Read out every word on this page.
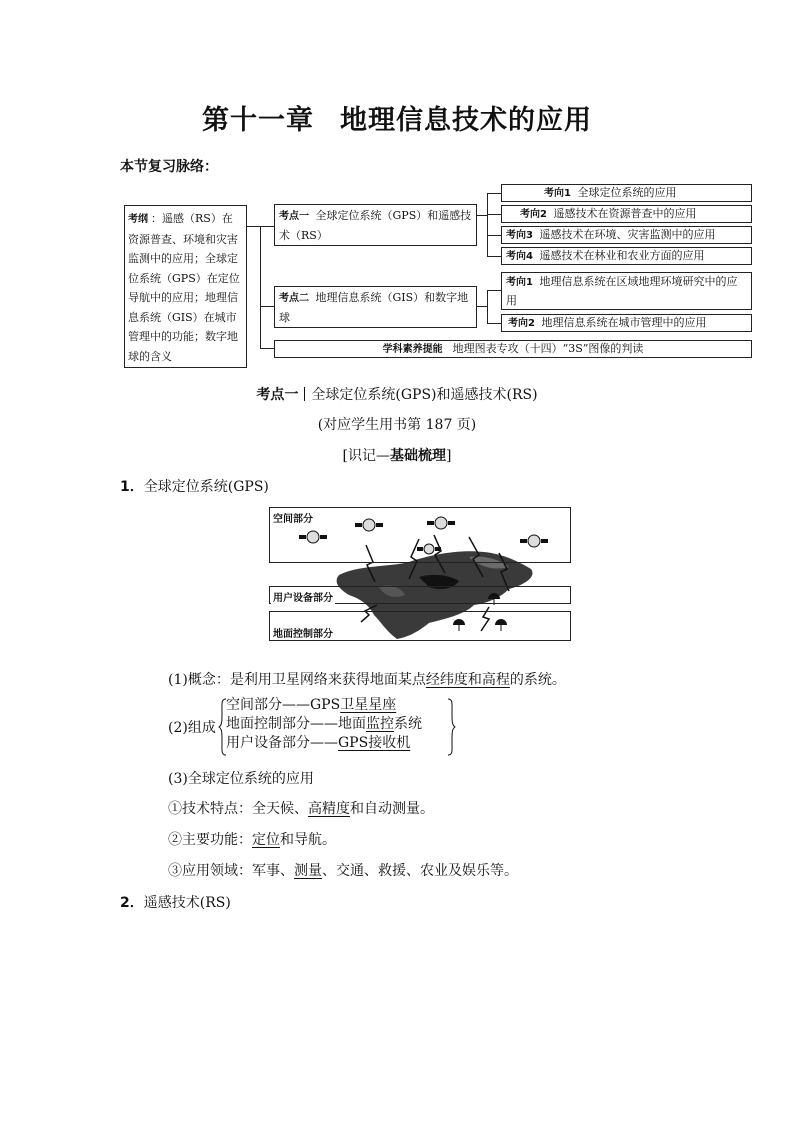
第十一章 地理信息技术的应用
本节复习脉络：
考纲 ：遥感（RS）在资源普查、环境和灾害监测中的应用；全球定位系统（GPS）在定位导航中的应用；地理信息系统（GIS）在城市管理中的功能；数字地球的含义
考点一 全球定位系统（GPS）和遥感技术（RS）
考点二 地理信息系统（GIS）和数字地球
考向1 全球定位系统的应用
考向2 遥感技术在资源普查中的应用
考向3 遥感技术在环境、灾害监测中的应用
考向4 遥感技术在林业和农业方面的应用
考向1 地理信息系统在区域地理环境研究中的应用
考向2 地理信息系统在城市管理中的应用
学科素养提能 地理图表专攻（十四）“3S”图像的判读
考点一 全球定位系统(GPS)和遥感技术(RS)
(对应学生用书第 187 页)
[识记—基础梳理]
1．全球定位系统(GPS)
空间部分
用户设备部分
地面控制部分
(1)概念：是利用卫星网络来获得地面某点经纬度和高程的系统。
(2)组成
空间部分——GPS卫星星座
地面控制部分——地面监控系统
用户设备部分——GPS接收机
(3)全球定位系统的应用
①技术特点：全天候、高精度和自动测量。
②主要功能：定位和导航。
③应用领域：军事、测量、交通、救援、农业及娱乐等。
2．遥感技术(RS)
